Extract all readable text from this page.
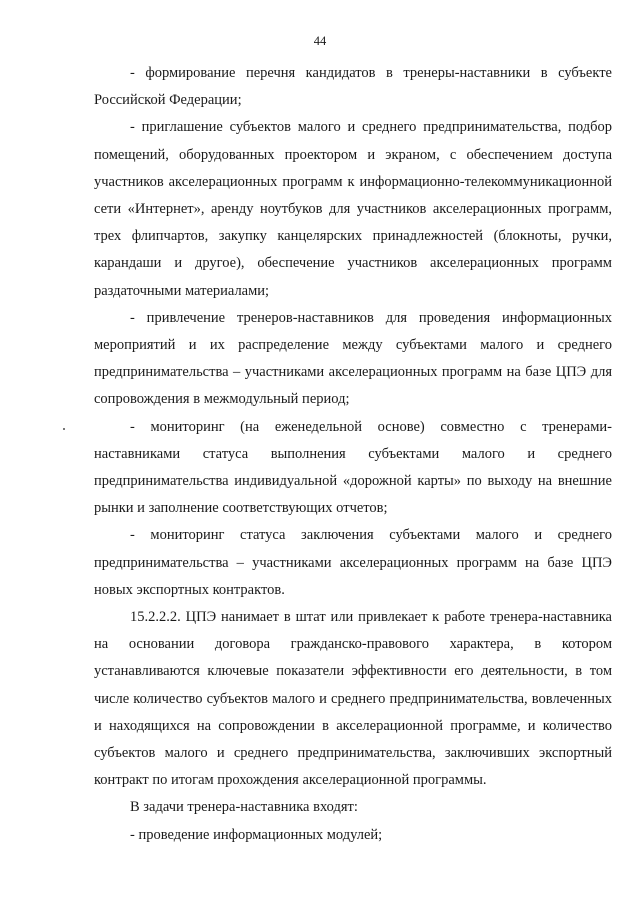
44

- формирование перечня кандидатов в тренеры-наставники в субъекте Российской Федерации;

- приглашение субъектов малого и среднего предпринимательства, подбор помещений, оборудованных проектором и экраном, с обеспечением доступа участников акселерационных программ к информационно-телекоммуникационной сети «Интернет», аренду ноутбуков для участников акселерационных программ, трех флипчартов, закупку канцелярских принадлежностей (блокноты, ручки, карандаши и другое), обеспечение участников акселерационных программ раздаточными материалами;

- привлечение тренеров-наставников для проведения информационных мероприятий и их распределение между субъектами малого и среднего предпринимательства – участниками акселерационных программ на базе ЦПЭ для сопровождения в межмодульный период;

- мониторинг (на еженедельной основе) совместно с тренерами-наставниками статуса выполнения субъектами малого и среднего предпринимательства индивидуальной «дорожной карты» по выходу на внешние рынки и заполнение соответствующих отчетов;

- мониторинг статуса заключения субъектами малого и среднего предпринимательства – участниками акселерационных программ на базе ЦПЭ новых экспортных контрактов.

15.2.2.2. ЦПЭ нанимает в штат или привлекает к работе тренера-наставника на основании договора гражданско-правового характера, в котором устанавливаются ключевые показатели эффективности его деятельности, в том числе количество субъектов малого и среднего предпринимательства, вовлеченных и находящихся на сопровождении в акселерационной программе, и количество субъектов малого и среднего предпринимательства, заключивших экспортный контракт по итогам прохождения акселерационной программы.

В задачи тренера-наставника входят:

- проведение информационных модулей;
